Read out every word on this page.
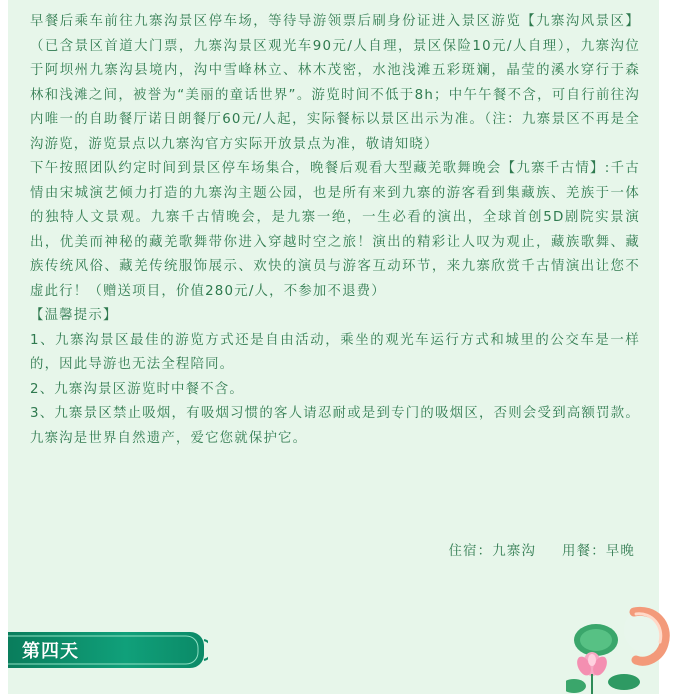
早餐后乘车前往九寨沟景区停车场，等待导游领票后刷身份证进入景区游览【九寨沟风景区】（已含景区首道大门票，九寨沟景区观光车90元/人自理，景区保险10元/人自理），九寨沟位于阿坝州九寨沟县境内，沟中雪峰林立、林木茂密，水池浅滩五彩斑斓，晶莹的溪水穿行于森林和浅滩之间，被誉为“美丽的童话世界”。游览时间不低于8h；中午午餐不含，可自行前往沟内唯一的自助餐厅诺日朗餐厅60元/人起，实际餐标以景区出示为准。（注：九寨景区不再是全沟游览，游览景点以九寨沟官方实际开放景点为准，敬请知晓）

下午按照团队约定时间到景区停车场集合，晚餐后观看大型藏羌歌舞晚会【九寨千古情】:千古情由宋城演艺倾力打造的九寨沟主题公园，也是所有来到九寨的游客看到集藏族、羌族于一体的独特人文景观。九寨千古情晚会，是九寨一绝，一生必看的演出，全球首创5D剧院实景演出，优美而神秘的藏羌歌舞带你进入穿越时空之旅！演出的精彩让人叹为观止，藏族歌舞、藏族传统风俗、藏羌传统服饰展示、欢快的演员与游客互动环节，来九寨欣赏千古情演出让您不虚此行！（赠送项目，价值280元/人，不参加不退费）

【温馨提示】

1、九寨沟景区最佳的游览方式还是自由活动，乘坐的观光车运行方式和城里的公交车是一样的，因此导游也无法全程陪同。

2、九寨沟景区游览时中餐不含。

3、九寨景区禁止吸烟，有吸烟习惯的客人请忍耐或是到专门的吸烟区，否则会受到高额罚款。九寨沟是世界自然遗产，爱它您就保护它。

住宿：九寨沟 用餐：早晚
第四天
